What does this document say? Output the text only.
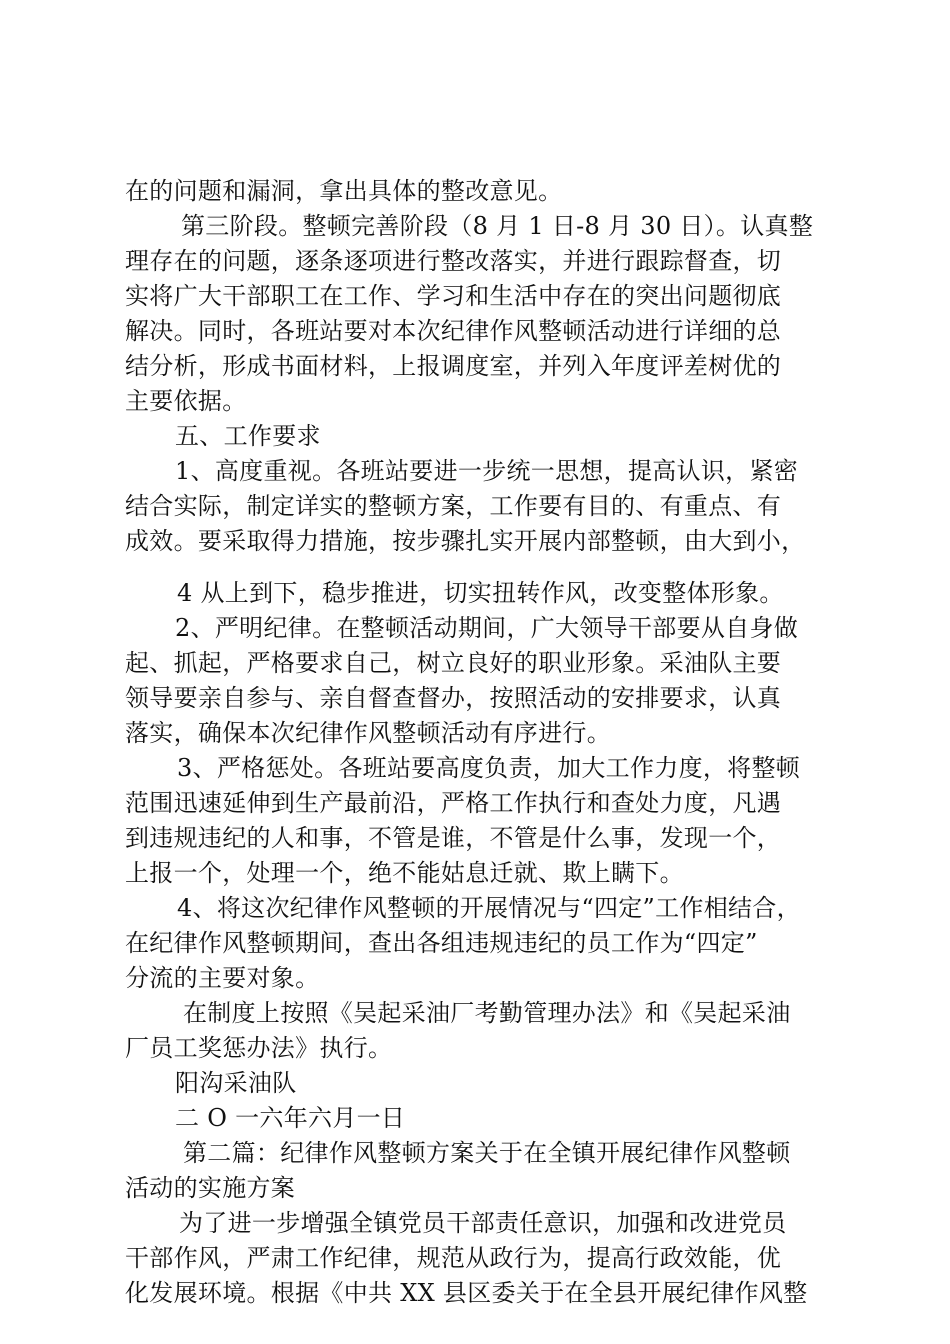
在的问题和漏洞，拿出具体的整改意见。
第三阶段。整顿完善阶段（8 月 1 日-8 月 30 日）。认真整
理存在的问题，逐条逐项进行整改落实，并进行跟踪督查，切
实将广大干部职工在工作、学习和生活中存在的突出问题彻底
解决。同时，各班站要对本次纪律作风整顿活动进行详细的总
结分析，形成书面材料，上报调度室，并列入年度评差树优的
主要依据。
五、工作要求
1、高度重视。各班站要进一步统一思想，提高认识，紧密
结合实际，制定详实的整顿方案，工作要有目的、有重点、有
成效。要采取得力措施，按步骤扎实开展内部整顿，由大到小，
4 从上到下，稳步推进，切实扭转作风，改变整体形象。
2、严明纪律。在整顿活动期间，广大领导干部要从自身做
起、抓起，严格要求自己，树立良好的职业形象。采油队主要
领导要亲自参与、亲自督查督办，按照活动的安排要求，认真
落实，确保本次纪律作风整顿活动有序进行。
3、严格惩处。各班站要高度负责，加大工作力度，将整顿
范围迅速延伸到生产最前沿，严格工作执行和查处力度，凡遇
到违规违纪的人和事，不管是谁，不管是什么事，发现一个，
上报一个，处理一个，绝不能姑息迁就、欺上瞒下。
4、将这次纪律作风整顿的开展情况与“四定”工作相结合，
在纪律作风整顿期间，查出各组违规违纪的员工作为“四定”
分流的主要对象。
在制度上按照《吴起采油厂考勤管理办法》和《吴起采油
厂员工奖惩办法》执行。
阳沟采油队
二 O 一六年六月一日
第二篇：纪律作风整顿方案关于在全镇开展纪律作风整顿
活动的实施方案
为了进一步增强全镇党员干部责任意识，加强和改进党员
干部作风，严肃工作纪律，规范从政行为，提高行政效能，优
化发展环境。根据《中共 XX 县区委关于在全县开展纪律作风整
